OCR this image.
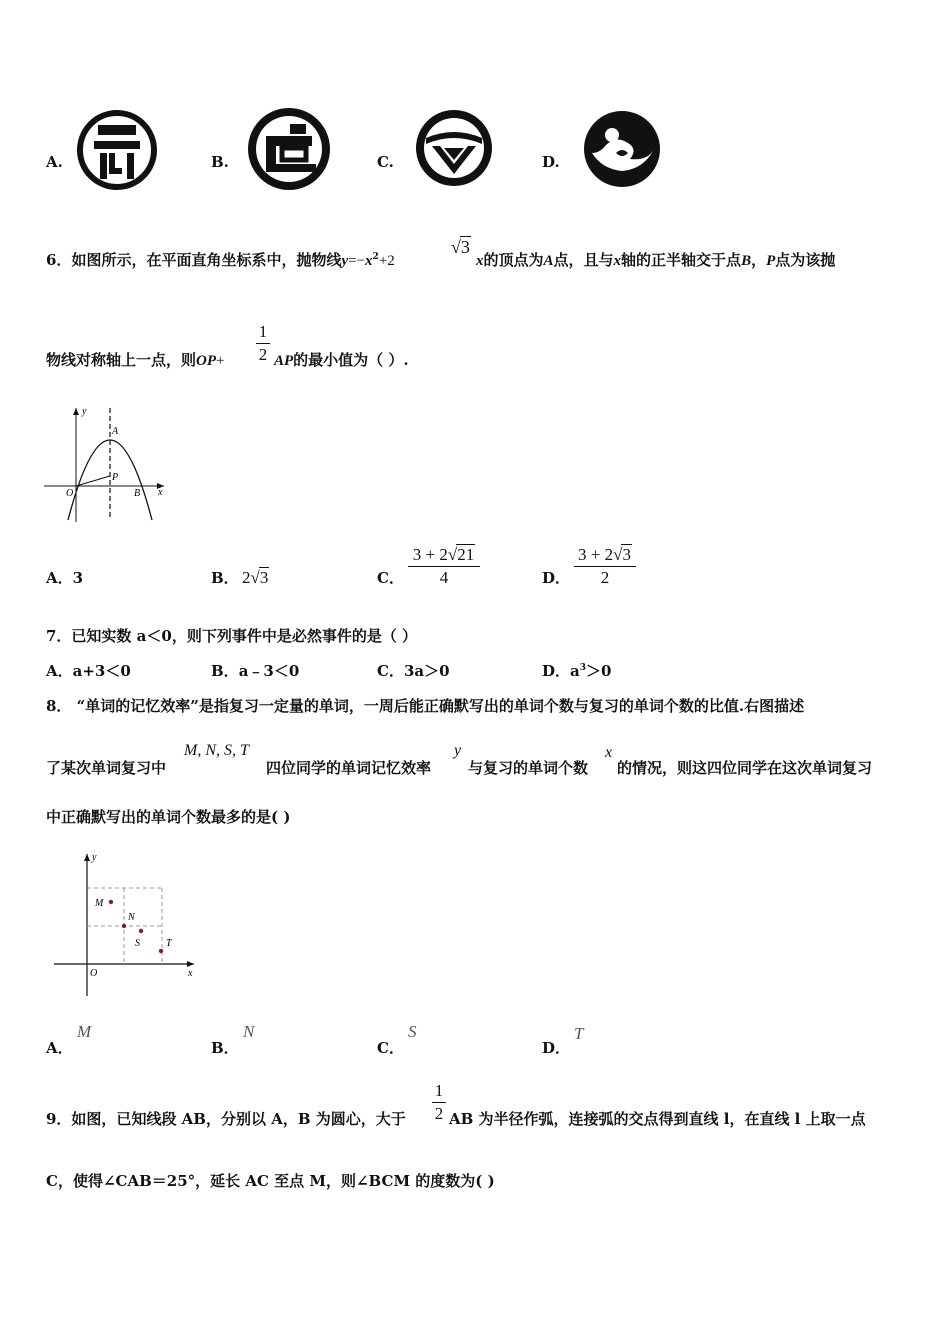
A.	B.	C.	D.
6．如图所示，在平面直角坐标系中，抛物线$y=-x^2+2$
√3
x的顶点为A点，且与x轴的正半轴交于点B，P点为该抛
物线对称轴上一点，则OP+
1
2 AP的最小值为（ ）.
y
x
O
A
P
B
A．3	B． 2√3	C．
3 + 2√21
4	D．
3 + 2√3
2
7．已知实数 a＜0，则下列事件中是必然事件的是（ ）
A．a+3＜0	B．a﹣3＜0	C．3a＞0	D．$a^3>0$
8． “单词的记忆效率”是指复习一定量的单词，一周后能正确默写出的单词个数与复习的单词个数的比值.右图描述
了某次单词复习中
M, N, S, T
四位同学的单词记忆效率
y
与复习的单词个数
x
的情况，则这四位同学在这次单词复习
中正确默写出的单词个数最多的是( )
y
x
O
M
N
S	T
A．
M
B．
N
C．
S
D．
T
9．如图，已知线段 AB，分别以 A，B 为圆心，大于
1
2 AB 为半径作弧，连接弧的交点得到直线 l，在直线 l 上取一点
C，使得∠CAB＝25°，延长 AC 至点 M，则∠BCM 的度数为( )
